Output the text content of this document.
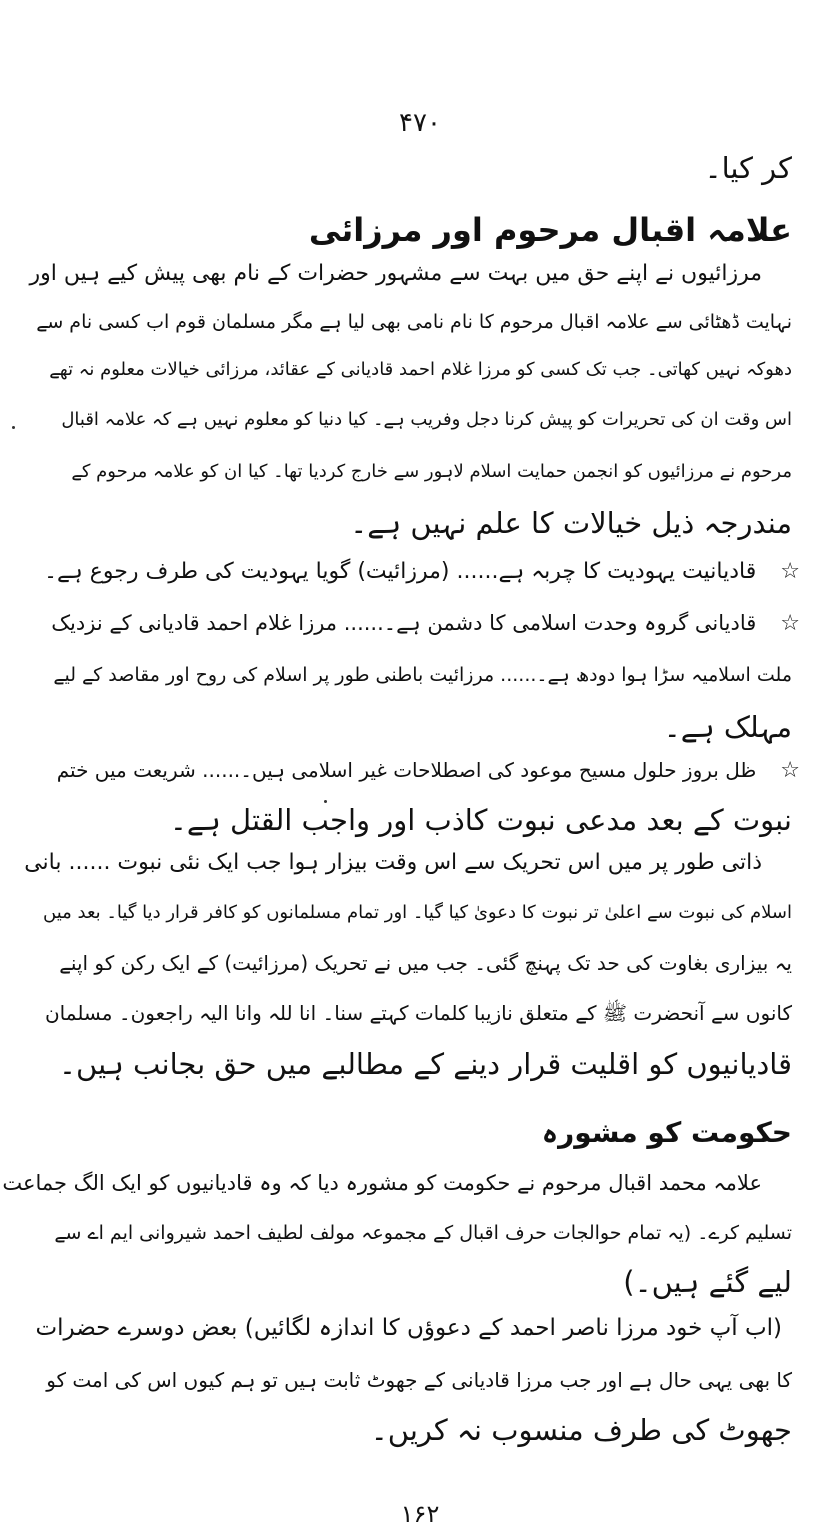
۴۷۰
کر کیا۔
علامہ اقبال مرحوم اور مرزائی
مرزائیوں نے اپنے حق میں بہت سے مشہور حضرات کے نام بھی پیش کیے ہیں اور
نہایت ڈھٹائی سے علامہ اقبال مرحوم کا نام نامی بھی لیا ہے مگر مسلمان قوم اب کسی نام سے
دھوکہ نہیں کھاتی۔ جب تک کسی کو مرزا غلام احمد قادیانی کے عقائد، مرزائی خیالات معلوم نہ تھے
اس وقت ان کی تحریرات کو پیش کرنا دجل وفریب ہے۔ کیا دنیا کو معلوم نہیں ہے کہ علامہ اقبال
مرحوم نے مرزائیوں کو انجمن حمایت اسلام لاہور سے خارج کردیا تھا۔ کیا ان کو علامہ مرحوم کے
مندرجہ ذیل خیالات کا علم نہیں ہے۔
☆قادیانیت یہودیت کا چربہ ہے...... (مرزائیت) گویا یہودیت کی طرف رجوع ہے۔
☆قادیانی گروہ وحدت اسلامی کا دشمن ہے۔...... مرزا غلام احمد قادیانی کے نزدیک
ملت اسلامیہ سڑا ہوا دودھ ہے۔...... مرزائیت باطنی طور پر اسلام کی روح اور مقاصد کے لیے
مہلک ہے۔
☆ظل بروز حلول مسیح موعود کی اصطلاحات غیر اسلامی ہیں۔...... شریعت میں ختم
نبوت کے بعد مدعی نبوت کاذب اور واجب القتل ہے۔
ذاتی طور پر میں اس تحریک سے اس وقت بیزار ہوا جب ایک نئی نبوت ...... بانی
اسلام کی نبوت سے اعلیٰ تر نبوت کا دعویٰ کیا گیا۔ اور تمام مسلمانوں کو کافر قرار دیا گیا۔ بعد میں
یہ بیزاری بغاوت کی حد تک پہنچ گئی۔ جب میں نے تحریک (مرزائیت) کے ایک رکن کو اپنے
کانوں سے آنحضرت ﷺ کے متعلق نازیبا کلمات کہتے سنا۔ انا للہ وانا الیہ راجعون۔ مسلمان
قادیانیوں کو اقلیت قرار دینے کے مطالبے میں حق بجانب ہیں۔
حکومت کو مشورہ
علامہ محمد اقبال مرحوم نے حکومت کو مشورہ دیا کہ وہ قادیانیوں کو ایک الگ جماعت
تسلیم کرے۔ (یہ تمام حوالجات حرف اقبال کے مجموعہ مولف لطیف احمد شیروانی ایم اے سے
لیے گئے ہیں۔)
(اب آپ خود مرزا ناصر احمد کے دعوؤں کا اندازہ لگائیں) بعض دوسرے حضرات
کا بھی یہی حال ہے اور جب مرزا قادیانی کے جھوٹ ثابت ہیں تو ہم کیوں اس کی امت کو
جھوٹ کی طرف منسوب نہ کریں۔
۱۶۲
